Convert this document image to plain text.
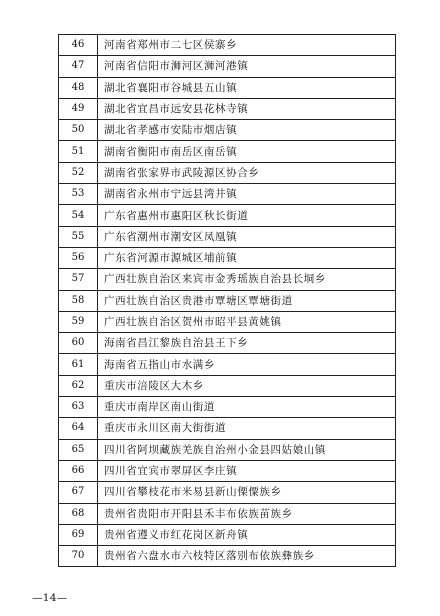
46	河南省郑州市二七区侯寨乡
47	河南省信阳市浉河区浉河港镇
48	湖北省襄阳市谷城县五山镇
49	湖北省宜昌市远安县花林寺镇
50	湖北省孝感市安陆市烟店镇
51	湖南省衡阳市南岳区南岳镇
52	湖南省张家界市武陵源区协合乡
53	湖南省永州市宁远县湾井镇
54	广东省惠州市惠阳区秋长街道
55	广东省潮州市潮安区凤凰镇
56	广东省河源市源城区埔前镇
57	广西壮族自治区来宾市金秀瑶族自治县长垌乡
58	广西壮族自治区贵港市覃塘区覃塘街道
59	广西壮族自治区贺州市昭平县黄姚镇
60	海南省昌江黎族自治县王下乡
61	海南省五指山市水满乡
62	重庆市涪陵区大木乡
63	重庆市南岸区南山街道
64	重庆市永川区南大街街道
65	四川省阿坝藏族羌族自治州小金县四姑娘山镇
66	四川省宜宾市翠屏区李庄镇
67	四川省攀枝花市米易县新山傈僳族乡
68	贵州省贵阳市开阳县禾丰布依族苗族乡
69	贵州省遵义市红花岗区新舟镇
70	贵州省六盘水市六枝特区落别布依族彝族乡
—14—
